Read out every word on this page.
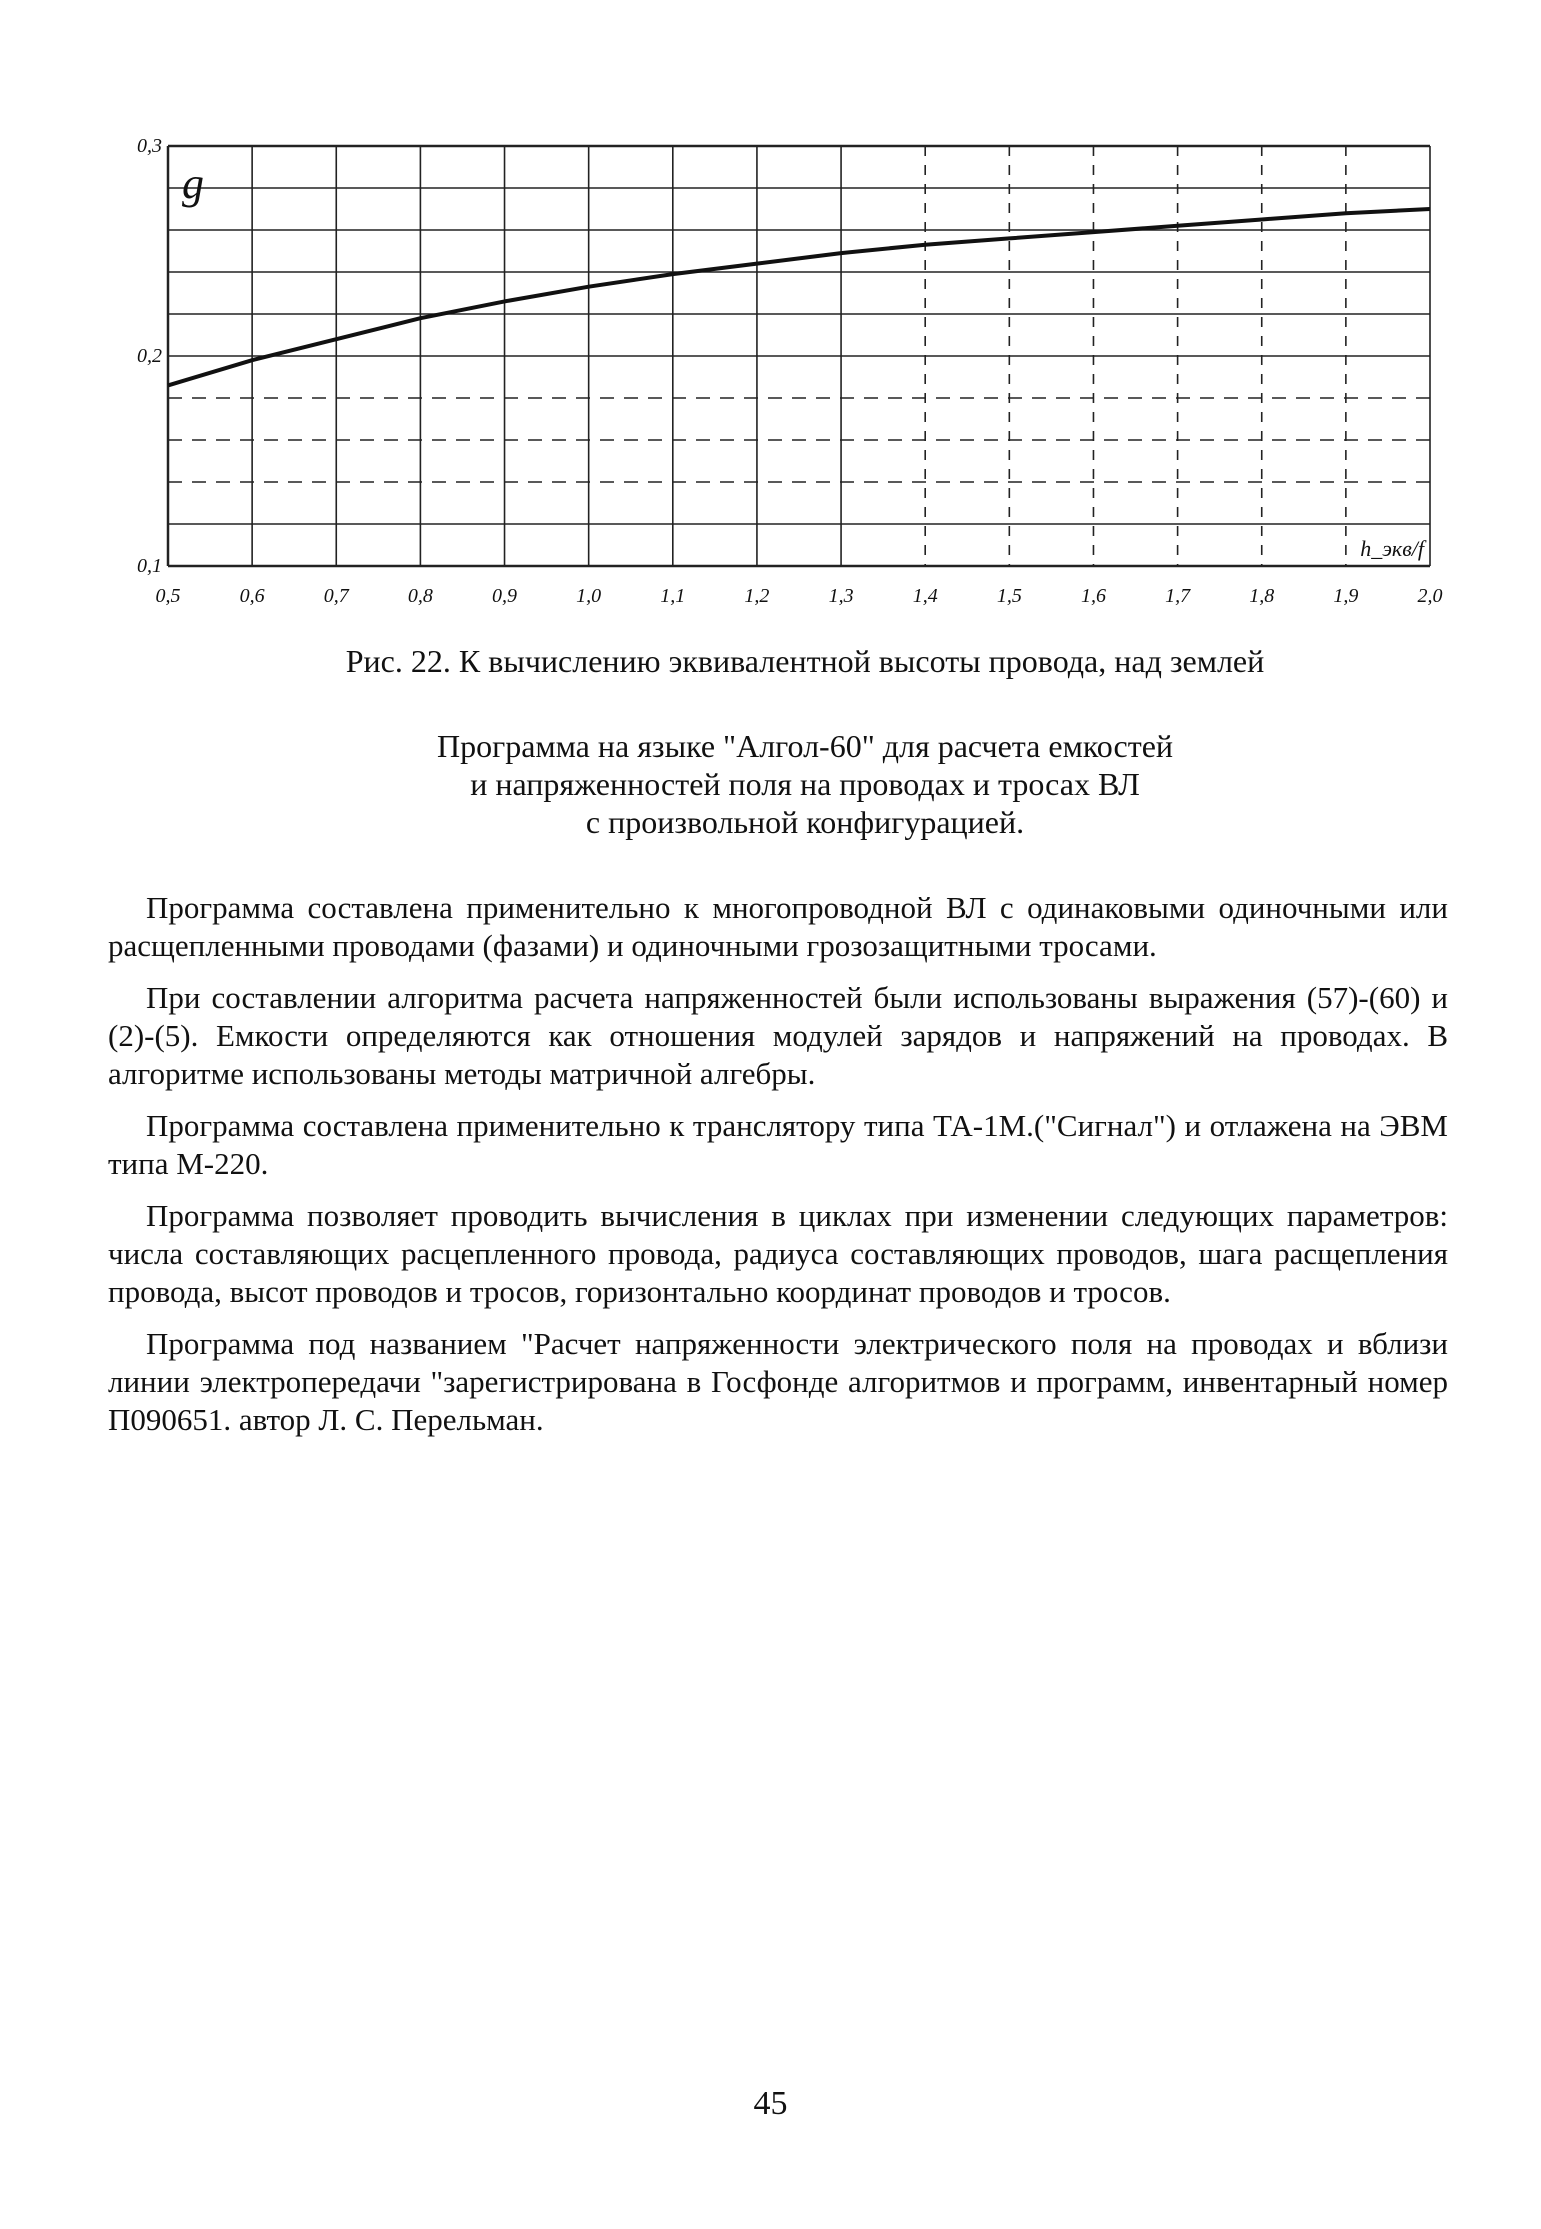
0,3
0,2
0,1
0,5	0,6	0,7	0,8	0,9	1,0	1,1	1,2	1,3	1,4	1,5	1,6	1,7	1,8	1,9	2,0
g
h_экв/f

Рис. 22. К вычислению эквивалентной высоты провода, над землей

Программа на языке "Алгол-60" для расчета емкостей
и напряженностей поля на проводах и тросах ВЛ
с произвольной конфигурацией.

Программа составлена применительно к многопроводной ВЛ с одинаковыми одиночными или расщепленными проводами (фазами) и одиночными грозозащитными тросами.

При составлении алгоритма расчета напряженностей были использованы выражения (57)-(60) и (2)-(5). Емкости определяются как отношения модулей зарядов и напряжений на проводах. В алгоритме использованы методы матричной алгебры.

Программа составлена применительно к транслятору типа ТА-1М.("Сигнал") и отлажена на ЭВМ типа М-220.

Программа позволяет проводить вычисления в циклах при изменении следующих параметров: числа составляющих расцепленного провода, радиуса составляющих проводов, шага расщепления провода, высот проводов и тросов, горизонтально координат проводов и тросов.

Программа под названием "Расчет напряженности электрического поля на проводах и вблизи линии электропередачи "зарегистрирована в Госфонде алгоритмов и программ, инвентарный номер П090651. автор Л. С. Перельман.

45
